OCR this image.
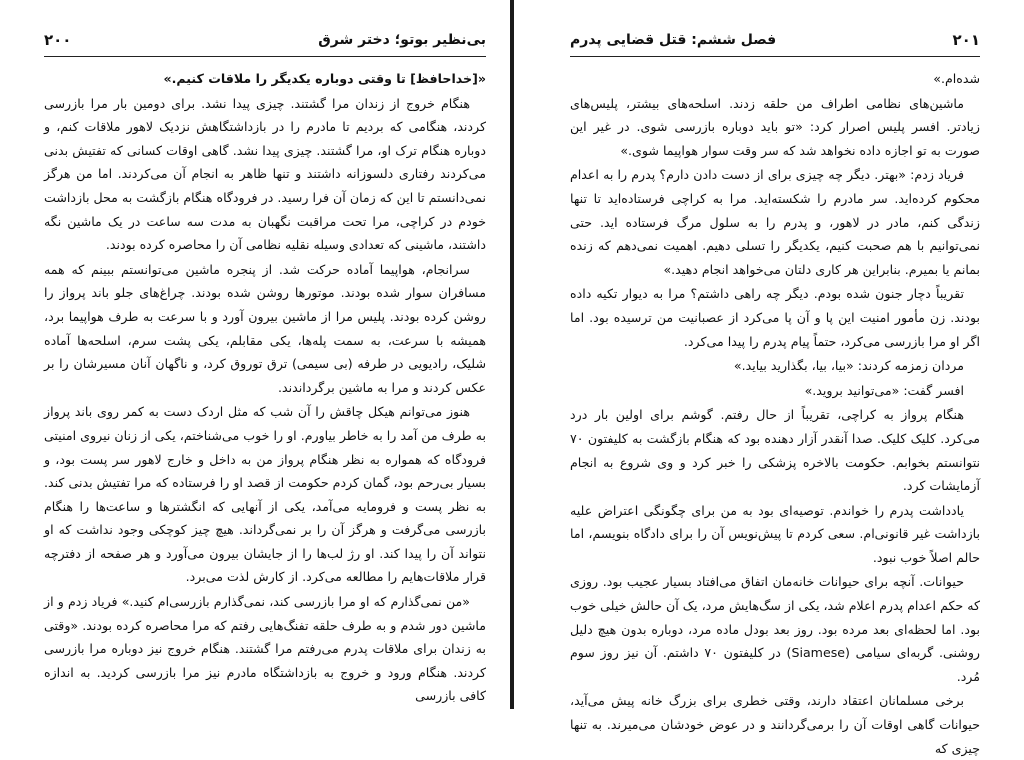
بی‌نظیر بوتو؛ دختر شرق
۲۰۰

«[خداحافظ] تا وقتی دوباره یکدیگر را ملاقات کنیم.»

هنگام خروج از زندان مرا گشتند. چیزی پیدا نشد. برای دومین بار مرا بازرسی کردند، هنگامی که بردیم تا مادرم را در بازداشتگاهش نزدیک لاهور ملاقات کنم، و دوباره هنگام ترک او، مرا گشتند. چیزی پیدا نشد. گاهی اوقات کسانی که تفتیش بدنی می‌کردند رفتاری دلسوزانه داشتند و تنها ظاهر به انجام آن می‌کردند. اما من هرگز نمی‌دانستم تا این که زمان آن فرا رسید. در فرودگاه هنگام بازگشت به محل بازداشت خودم در کراچی، مرا تحت مراقبت نگهبان به مدت سه ساعت در یک ماشین نگه داشتند، ماشینی که تعدادی وسیله نقلیه نظامی آن را محاصره کرده بودند.

سرانجام، هواپیما آماده حرکت شد. از پنجره ماشین می‌توانستم ببینم که همه مسافران سوار شده بودند. موتورها روشن شده بودند. چراغ‌های جلو باند پرواز را روشن کرده بودند. پلیس مرا از ماشین بیرون آورد و با سرعت به طرف هواپیما برد، همیشه با سرعت، به سمت پله‌ها، یکی مقابلم، یکی پشت سرم، اسلحه‌ها آماده شلیک، رادیویی در طرفه (بی سیمی) ترق توروق کرد، و ناگهان آنان مسیرشان را بر عکس کردند و مرا به ماشین برگرداندند.

هنوز می‌توانم هیکل چاقش را آن شب که مثل اردک دست به کمر روی باند پرواز به طرف من آمد را به خاطر بیاورم. او را خوب می‌شناختم، یکی از زنان نیروی امنیتی فرودگاه که همواره به نظر هنگام پرواز من به داخل و خارج لاهور سر پست بود، و بسیار بی‌رحم بود، گمان کردم حکومت از قصد او را فرستاده که مرا تفتیش بدنی کند. به نظر پست و فرومایه می‌آمد، یکی از آنهایی که انگشترها و ساعت‌ها را هنگام بازرسی می‌گرفت و هرگز آن را بر نمی‌گرداند. هیچ چیز کوچکی وجود نداشت که او نتواند آن را پیدا کند. او رژ لب‌ها را از جایشان بیرون می‌آورد و هر صفحه از دفترچه قرار ملاقات‌هایم را مطالعه می‌کرد. از کارش لذت می‌برد.

«من نمی‌گذارم که او مرا بازرسی کند، نمی‌گذارم بازرسی‌ام کنید.» فریاد زدم و از ماشین دور شدم و به طرف حلقه تفنگ‌هایی رفتم که مرا محاصره کرده بودند. «وقتی به زندان برای ملاقات پدرم می‌رفتم مرا گشتند. هنگام خروج نیز دوباره مرا بازرسی کردند. هنگام ورود و خروج به بازداشتگاه مادرم نیز مرا بازرسی کردید. به اندازه کافی بازرسی

۲۰۱
فصل ششم: قتل قضایی پدرم

شده‌ام.»

ماشین‌های نظامی اطراف من حلقه زدند. اسلحه‌های بیشتر، پلیس‌های زیادتر. افسر پلیس اصرار کرد: «تو باید دوباره بازرسی شوی. در غیر این صورت به تو اجازه داده نخواهد شد که سر وقت سوار هواپیما شوی.»

فریاد زدم: «بهتر. دیگر چه چیزی برای از دست دادن دارم؟ پدرم را به اعدام محکوم کرده‌اید. سر مادرم را شکسته‌اید. مرا به کراچی فرستاده‌اید تا تنها زندگی کنم، مادر در لاهور، و پدرم را به سلول مرگ فرستاده اید. حتی نمی‌توانیم با هم صحبت کنیم، یکدیگر را تسلی دهیم. اهمیت نمی‌دهم که زنده بمانم یا بمیرم. بنابراین هر کاری دلتان می‌خواهد انجام دهید.»

تقریباً دچار جنون شده بودم. دیگر چه راهی داشتم؟ مرا به دیوار تکیه داده بودند. زن مأمور امنیت این پا و آن پا می‌کرد از عصبانیت من ترسیده بود. اما اگر او مرا بازرسی می‌کرد، حتماً پیام پدرم را پیدا می‌کرد.

مردان زمزمه کردند: «بیا، بیا، بگذارید بیاید.»

افسر گفت: «می‌توانید بروید.»

هنگام پرواز به کراچی، تقریباً از حال رفتم. گوشم برای اولین بار درد می‌کرد. کلیک کلیک. صدا آنقدر آزار دهنده بود که هنگام بازگشت به کلیفتون ۷۰ نتوانستم بخوابم. حکومت بالاخره پزشکی را خبر کرد و وی شروع به انجام آزمایشات کرد.

یادداشت پدرم را خواندم. توصیه‌ای بود به من برای چگونگی اعتراض علیه بازداشت غیر قانونی‌ام. سعی کردم تا پیش‌نویس آن را برای دادگاه بنویسم، اما حالم اصلاً خوب نبود.

حیوانات. آنچه برای حیوانات خانه‌مان اتفاق می‌افتاد بسیار عجیب بود. روزی که حکم اعدام پدرم اعلام شد، یکی از سگ‌هایش مرد، یک آن حالش خیلی خوب بود. اما لحظه‌ای بعد مرده بود. روز بعد بودل ماده مرد، دوباره بدون هیچ دلیل روشنی. گربه‌ای سیامی (Siamese) در کلیفتون ۷۰ داشتم. آن نیز روز سوم مُرد.

برخی مسلمانان اعتقاد دارند، وقتی خطری برای بزرگ خانه پیش می‌آید، حیوانات گاهی اوقات آن را برمی‌گردانند و در عوض خودشان می‌میرند. به تنها چیزی که
